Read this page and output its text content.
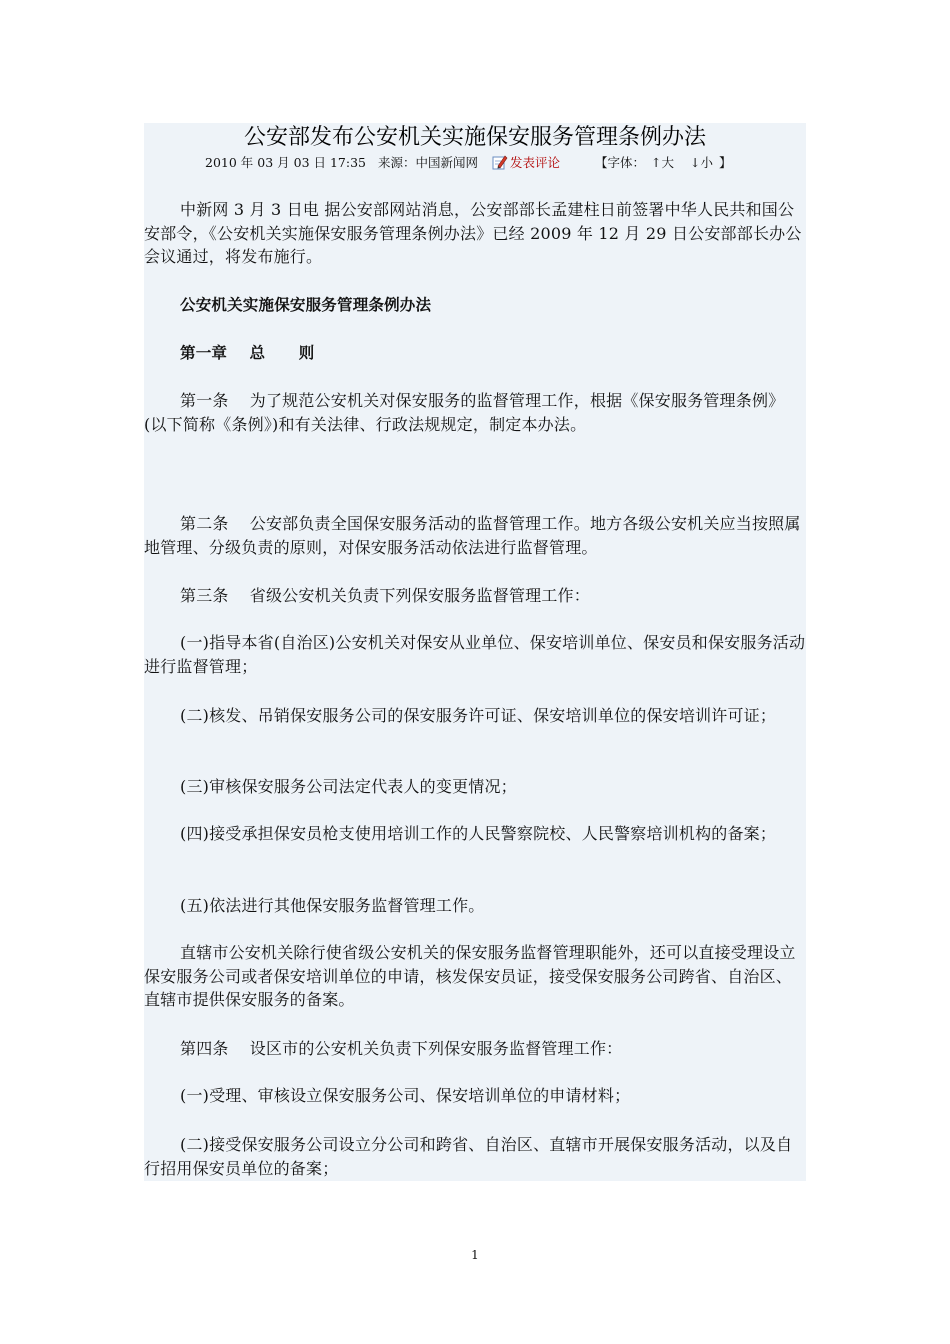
公安部发布公安机关实施保安服务管理条例办法
2010 年 03 月 03 日 17:35 来源： 中国新闻网	发表评论	【字体： ↑大 ↓小 】
中新网 3 月 3 日电 据公安部网站消息，公安部部长孟建柱日前签署中华人民共和国公安部令，《公安机关实施保安服务管理条例办法》已经 2009 年 12 月 29 日公安部部长办公会议通过，将发布施行。
公安机关实施保安服务管理条例办法
第一章    总      则
第一条    为了规范公安机关对保安服务的监督管理工作，根据《保安服务管理条例》(以下简称《条例》)和有关法律、行政法规规定，制定本办法。
第二条    公安部负责全国保安服务活动的监督管理工作。地方各级公安机关应当按照属地管理、分级负责的原则，对保安服务活动依法进行监督管理。
第三条    省级公安机关负责下列保安服务监督管理工作：
(一)指导本省(自治区)公安机关对保安从业单位、保安培训单位、保安员和保安服务活动进行监督管理；
(二)核发、吊销保安服务公司的保安服务许可证、保安培训单位的保安培训许可证；
(三)审核保安服务公司法定代表人的变更情况；
(四)接受承担保安员枪支使用培训工作的人民警察院校、人民警察培训机构的备案；
(五)依法进行其他保安服务监督管理工作。
直辖市公安机关除行使省级公安机关的保安服务监督管理职能外，还可以直接受理设立保安服务公司或者保安培训单位的申请，核发保安员证，接受保安服务公司跨省、自治区、直辖市提供保安服务的备案。
第四条    设区市的公安机关负责下列保安服务监督管理工作：
(一)受理、审核设立保安服务公司、保安培训单位的申请材料；
(二)接受保安服务公司设立分公司和跨省、自治区、直辖市开展保安服务活动，以及自行招用保安员单位的备案；
1
